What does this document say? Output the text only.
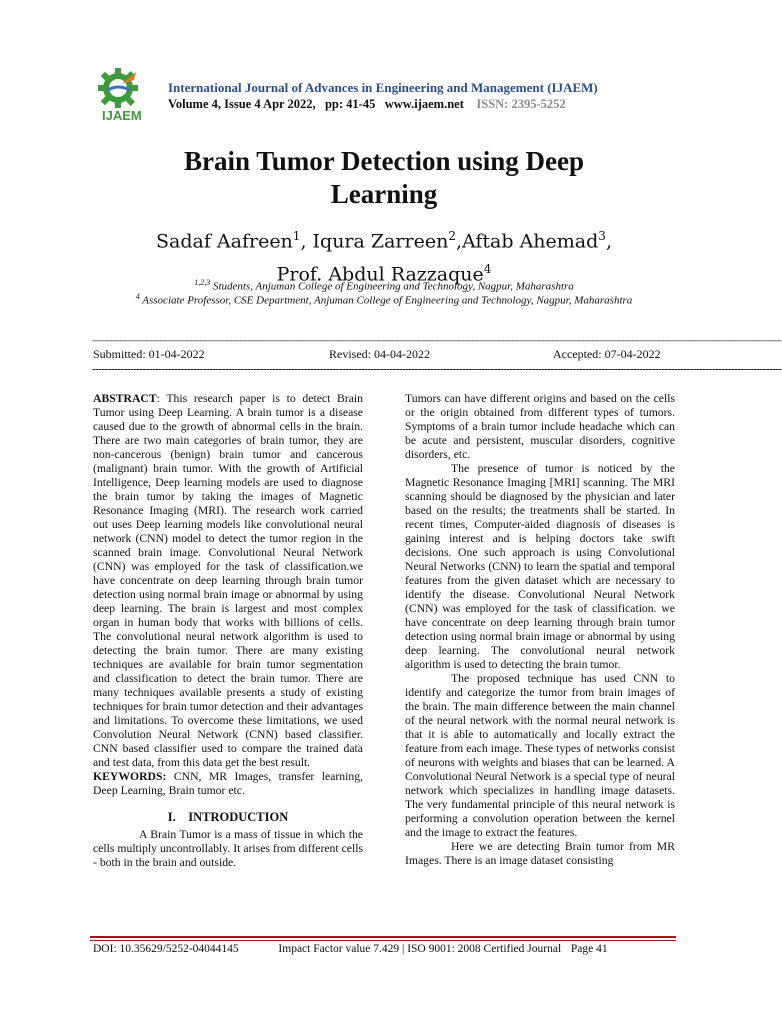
IJAEM
International Journal of Advances in Engineering and Management (IJAEM)
Volume 4, Issue 4 Apr 2022, pp: 41-45 www.ijaem.net ISSN: 2395-5252
Brain Tumor Detection using Deep
Learning
Sadaf Aafreen$^1$, Iqura Zarreen$^2$,Aftab Ahemad$^3$,
Prof. Abdul Razzaque$^4$
$^{1,2,3}$ Students, Anjuman College of Engineering and Technology, Nagpur, Maharashtra
$^4$ Associate Professor, CSE Department, Anjuman College of Engineering and Technology, Nagpur, Maharashtra
------------------------------------------------------------------------------------------------------------------------------------------------------------------------------------------------------------------------------------------------------------------------------------
Submitted: 01-04-2022	Revised: 04-04-2022	Accepted: 07-04-2022
--------------------------------------------------------------------------------------------------------------------------------------------------------------------------------------------------------------------------

ABSTRACT: This research paper is to detect Brain Tumor using Deep Learning. A brain tumor is a disease caused due to the growth of abnormal cells in the brain. There are two main categories of brain tumor, they are non-cancerous (benign) brain tumor and cancerous (malignant) brain tumor. With the growth of Artificial Intelligence, Deep learning models are used to diagnose the brain tumor by taking the images of Magnetic Resonance Imaging (MRI). The research work carried out uses Deep learning models like convolutional neural network (CNN) model to detect the tumor region in the scanned brain image. Convolutional Neural Network (CNN) was employed for the task of classification.we have concentrate on deep learning through brain tumor detection using normal brain image or abnormal by using deep learning. The brain is largest and most complex organ in human body that works with billions of cells. The convolutional neural network algorithm is used to detecting the brain tumor. There are many existing techniques are available for brain tumor segmentation and classification to detect the brain tumor. There are many techniques available presents a study of existing techniques for brain tumor detection and their advantages and limitations. To overcome these limitations, we used Convolution Neural Network (CNN) based classifier. CNN based classifier used to compare the trained data and test data, from this data get the best result.

KEYWORDS: CNN, MR Images, transfer learning, Deep Learning, Brain tumor etc.

I.    INTRODUCTION

A Brain Tumor is a mass of tissue in which the cells multiply uncontrollably. It arises from different cells - both in the brain and outside.

Tumors can have different origins and based on the cells or the origin obtained from different types of tumors. Symptoms of a brain tumor include headache which can be acute and persistent, muscular disorders, cognitive disorders, etc.

The presence of tumor is noticed by the Magnetic Resonance Imaging [MRI] scanning. The MRI scanning should be diagnosed by the physician and later based on the results; the treatments shall be started. In recent times, Computer-aided diagnosis of diseases is gaining interest and is helping doctors take swift decisions. One such approach is using Convolutional Neural Networks (CNN) to learn the spatial and temporal features from the given dataset which are necessary to identify the disease. Convolutional Neural Network (CNN) was employed for the task of classification. we have concentrate on deep learning through brain tumor detection using normal brain image or abnormal by using deep learning. The convolutional neural network algorithm is used to detecting the brain tumor.

The proposed technique has used CNN to identify and categorize the tumor from brain images of the brain. The main difference between the main channel of the neural network with the normal neural network is that it is able to automatically and locally extract the feature from each image. These types of networks consist of neurons with weights and biases that can be learned. A Convolutional Neural Network is a special type of neural network which specializes in handling image datasets. The very fundamental principle of this neural network is performing a convolution operation between the kernel and the image to extract the features.

Here we are detecting Brain tumor from MR Images. There is an image dataset consisting

DOI: 10.35629/5252-04044145	Impact Factor value 7.429 | ISO 9001: 2008 Certified Journal Page 41
